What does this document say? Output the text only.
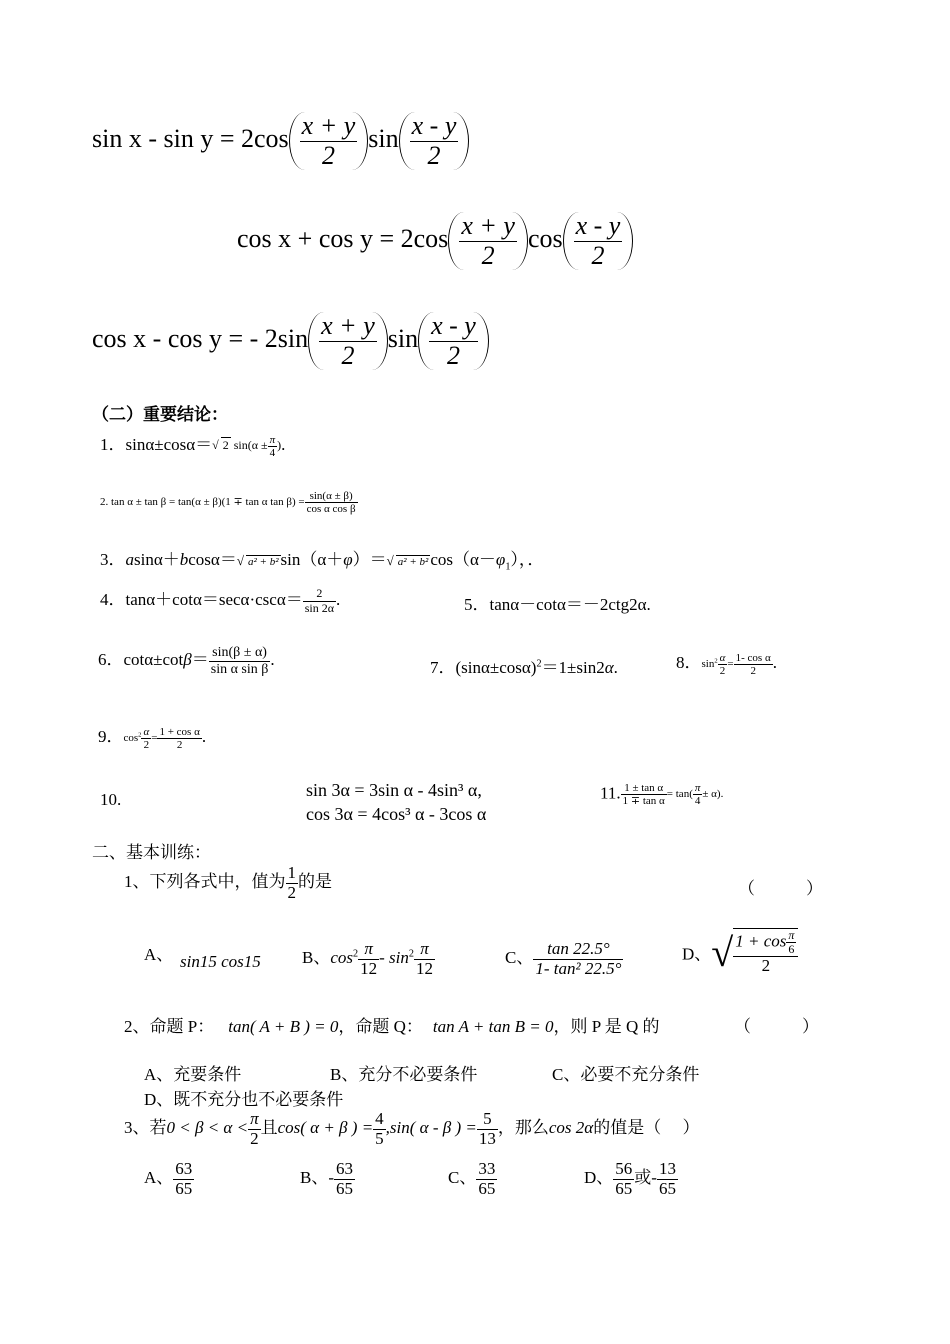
$\sin x - \sin y = 2\cos \frac{x + y}{2}$ $\sin \frac{x - y}{2}$
$\cos x + \cos y = 2\cos \frac{x + y}{2}$ $\cos \frac{x - y}{2}$
cos x - cos y = - $2\sin \frac{x + y}{2}$ $\sin \frac{x - y}{2}$
（二）重要结论：
1．sinα±cosα＝√ 2 $\sin(\alpha \pm \frac{\pi}{4}$ ).
2. tan α ± tan β = tan(α ± β)(1 ∓ tan α $\tan \beta) = \frac{\sin(\alpha \pm \beta)}{\text{cos α cos β}}$
3．asinα＋bcosα＝√ a² + b² sin（α＋φ）＝√ a² + b² $\cos(\alpha-\varphi_1)$，．
4．$\tan\alpha+\cot\alpha=\sec\alpha\cdot\csc\alpha= \frac{2}{\sin 2\alpha}$ .	5．tanα－cotα＝－2ctg2α.
6．$\cot\alpha\pm\cot\beta= \frac{\sin(\beta \pm \alpha)}{\text{sin α sin β}}$ .	7．$(\sin\alpha\pm\cos\alpha)^2=1\pm\sin 2\alpha$.	8．$\sin^2 \frac{\alpha}{2} = \frac{\text{1- cos α}}{2}$ .
9．$\cos^2 \frac{\alpha}{2} = \frac{\text{1 + cos α}}{2}$ .
10.	sin 3α = 3sin α - 4sin³ α,
cos 3α = 4cos³ α - 3cos α
11. $\frac{\text{1 ± tan α}}{\text{1 ∓ tan α}} = \tan( \frac{\pi}{4} \pm \alpha)$.
二、基本训练：
1、下列各式中，值为 $\frac{1}{2}$ 的是	（　　　）
A、 sin15 cos15 B、$\cos^2 \frac{\pi}{12} - \sin^2 \frac{\pi}{12}$	C、 $\frac{\tan 22.5^\circ}{\text{1- tan² 22.5°}}$	D、√ $\frac{1 + \cos \frac{\pi}{6}}{2}$
2、命题 P： tan( A + B ) = 0，命题 Q： tan A + tan B = 0，则 P 是 Q 的	（　　　）
A、充要条件	B、充分不必要条件	C、必要不充分条件
D、既不充分也不必要条件
3、若$0 < \beta < \alpha < \frac{\pi}{2}$ 且cos( α + β ) = $\frac{4}{5} ,\sin$( α - β ) = $\frac{5}{13}$ ，那么cos 2α的值是（　 ）
A、 $\frac{63}{65}$	B、- $\frac{63}{65}$	C、 $\frac{33}{65}$	D、 $\frac{56}{65}$ 或- $\frac{13}{65}$
